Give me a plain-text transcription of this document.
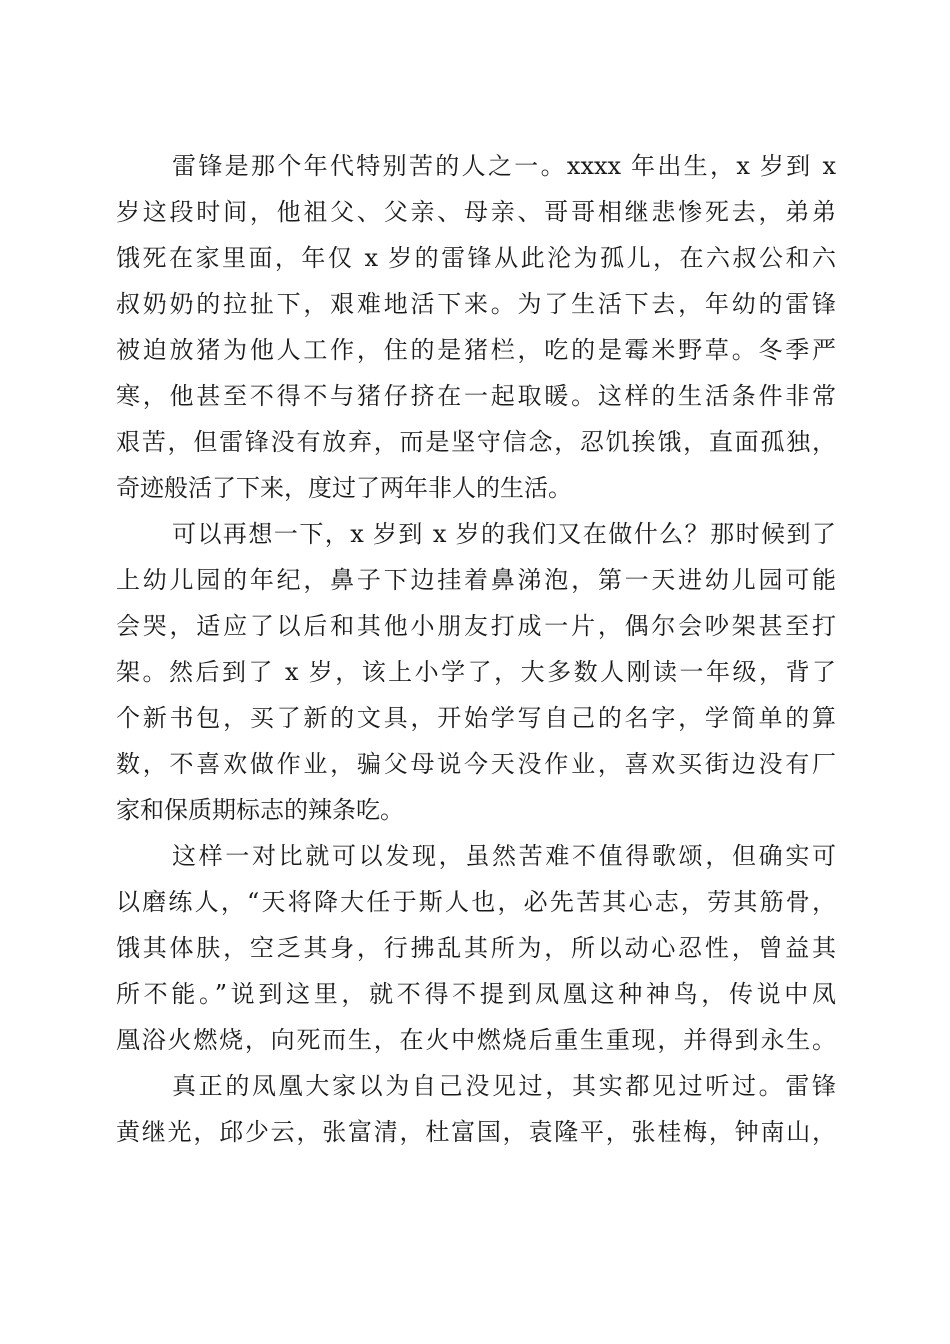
雷锋是那个年代特别苦的人之一。xxxx 年出生，x 岁到 x
岁这段时间，他祖父、父亲、母亲、哥哥相继悲惨死去，弟弟
饿死在家里面，年仅 x 岁的雷锋从此沦为孤儿，在六叔公和六
叔奶奶的拉扯下，艰难地活下来。为了生活下去，年幼的雷锋
被迫放猪为他人工作，住的是猪栏，吃的是霉米野草。冬季严
寒，他甚至不得不与猪仔挤在一起取暖。这样的生活条件非常
艰苦，但雷锋没有放弃，而是坚守信念，忍饥挨饿，直面孤独，
奇迹般活了下来，度过了两年非人的生活。
可以再想一下，x 岁到 x 岁的我们又在做什么？那时候到了
上幼儿园的年纪，鼻子下边挂着鼻涕泡，第一天进幼儿园可能
会哭，适应了以后和其他小朋友打成一片，偶尔会吵架甚至打
架。然后到了 x 岁，该上小学了，大多数人刚读一年级，背了
个新书包，买了新的文具，开始学写自己的名字，学简单的算
数，不喜欢做作业，骗父母说今天没作业，喜欢买街边没有厂
家和保质期标志的辣条吃。
这样一对比就可以发现，虽然苦难不值得歌颂，但确实可
以磨练人，“天将降大任于斯人也，必先苦其心志，劳其筋骨，
饿其体肤，空乏其身，行拂乱其所为，所以动心忍性，曾益其
所不能。”说到这里，就不得不提到凤凰这种神鸟，传说中凤
凰浴火燃烧，向死而生，在火中燃烧后重生重现，并得到永生。
真正的凤凰大家以为自己没见过，其实都见过听过。雷锋
黄继光，邱少云，张富清，杜富国，袁隆平，张桂梅，钟南山，
